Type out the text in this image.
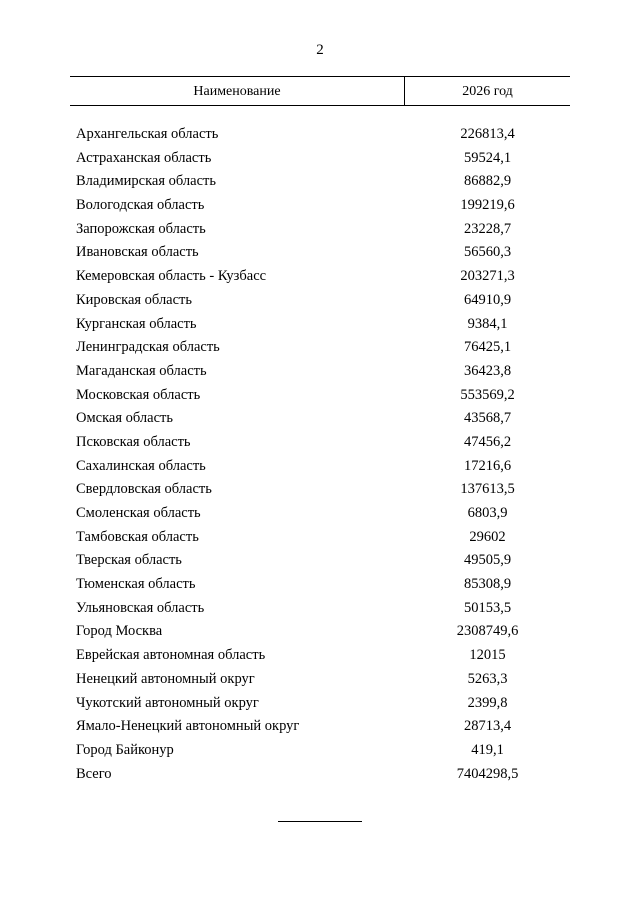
2
Наименование	2026 год
Архангельская область	226813,4
Астраханская область	59524,1
Владимирская область	86882,9
Вологодская область	199219,6
Запорожская область	23228,7
Ивановская область	56560,3
Кемеровская область - Кузбасс	203271,3
Кировская область	64910,9
Курганская область	9384,1
Ленинградская область	76425,1
Магаданская область	36423,8
Московская область	553569,2
Омская область	43568,7
Псковская область	47456,2
Сахалинская область	17216,6
Свердловская область	137613,5
Смоленская область	6803,9
Тамбовская область	29602
Тверская область	49505,9
Тюменская область	85308,9
Ульяновская область	50153,5
Город Москва	2308749,6
Еврейская автономная область	12015
Ненецкий автономный округ	5263,3
Чукотский автономный округ	2399,8
Ямало-Ненецкий автономный округ	28713,4
Город Байконур	419,1
Всего	7404298,5
